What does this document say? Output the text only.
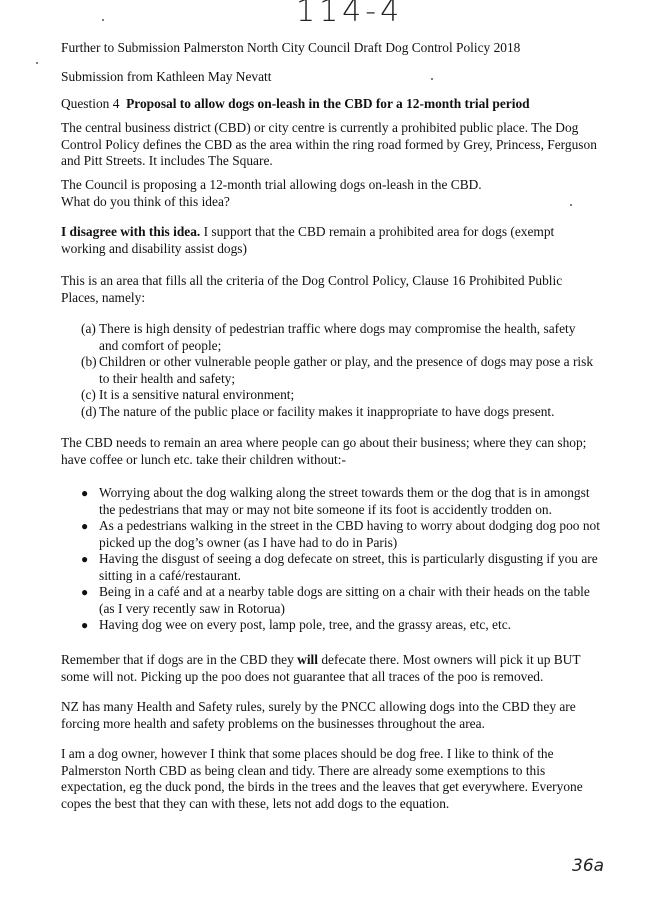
114-4
Further to Submission Palmerston North City Council Draft Dog Control Policy 2018
Submission from Kathleen May Nevatt
Question 4 Proposal to allow dogs on-leash in the CBD for a 12-month trial period
The central business district (CBD) or city centre is currently a prohibited public place. The Dog
Control Policy defines the CBD as the area within the ring road formed by Grey, Princess, Ferguson
and Pitt Streets. It includes The Square.
The Council is proposing a 12-month trial allowing dogs on-leash in the CBD.
What do you think of this idea?
I disagree with this idea. I support that the CBD remain a prohibited area for dogs (exempt
working and disability assist dogs)
This is an area that fills all the criteria of the Dog Control Policy, Clause 16 Prohibited Public
Places, namely:
(a) There is high density of pedestrian traffic where dogs may compromise the health, safety
and comfort of people;
(b) Children or other vulnerable people gather or play, and the presence of dogs may pose a risk
to their health and safety;
(c) It is a sensitive natural environment;
(d) The nature of the public place or facility makes it inappropriate to have dogs present.
The CBD needs to remain an area where people can go about their business; where they can shop;
have coffee or lunch etc. take their children without:-
● Worrying about the dog walking along the street towards them or the dog that is in amongst
the pedestrians that may or may not bite someone if its foot is accidently trodden on.
● As a pedestrians walking in the street in the CBD having to worry about dodging dog poo not
picked up the dog’s owner (as I have had to do in Paris)
● Having the disgust of seeing a dog defecate on street, this is particularly disgusting if you are
sitting in a café/restaurant.
● Being in a café and at a nearby table dogs are sitting on a chair with their heads on the table
(as I very recently saw in Rotorua)
● Having dog wee on every post, lamp pole, tree, and the grassy areas, etc, etc.
Remember that if dogs are in the CBD they will defecate there. Most owners will pick it up BUT
some will not. Picking up the poo does not guarantee that all traces of the poo is removed.
NZ has many Health and Safety rules, surely by the PNCC allowing dogs into the CBD they are
forcing more health and safety problems on the businesses throughout the area.
I am a dog owner, however I think that some places should be dog free. I like to think of the
Palmerston North CBD as being clean and tidy. There are already some exemptions to this
expectation, eg the duck pond, the birds in the trees and the leaves that get everywhere. Everyone
copes the best that they can with these, lets not add dogs to the equation.
36a
